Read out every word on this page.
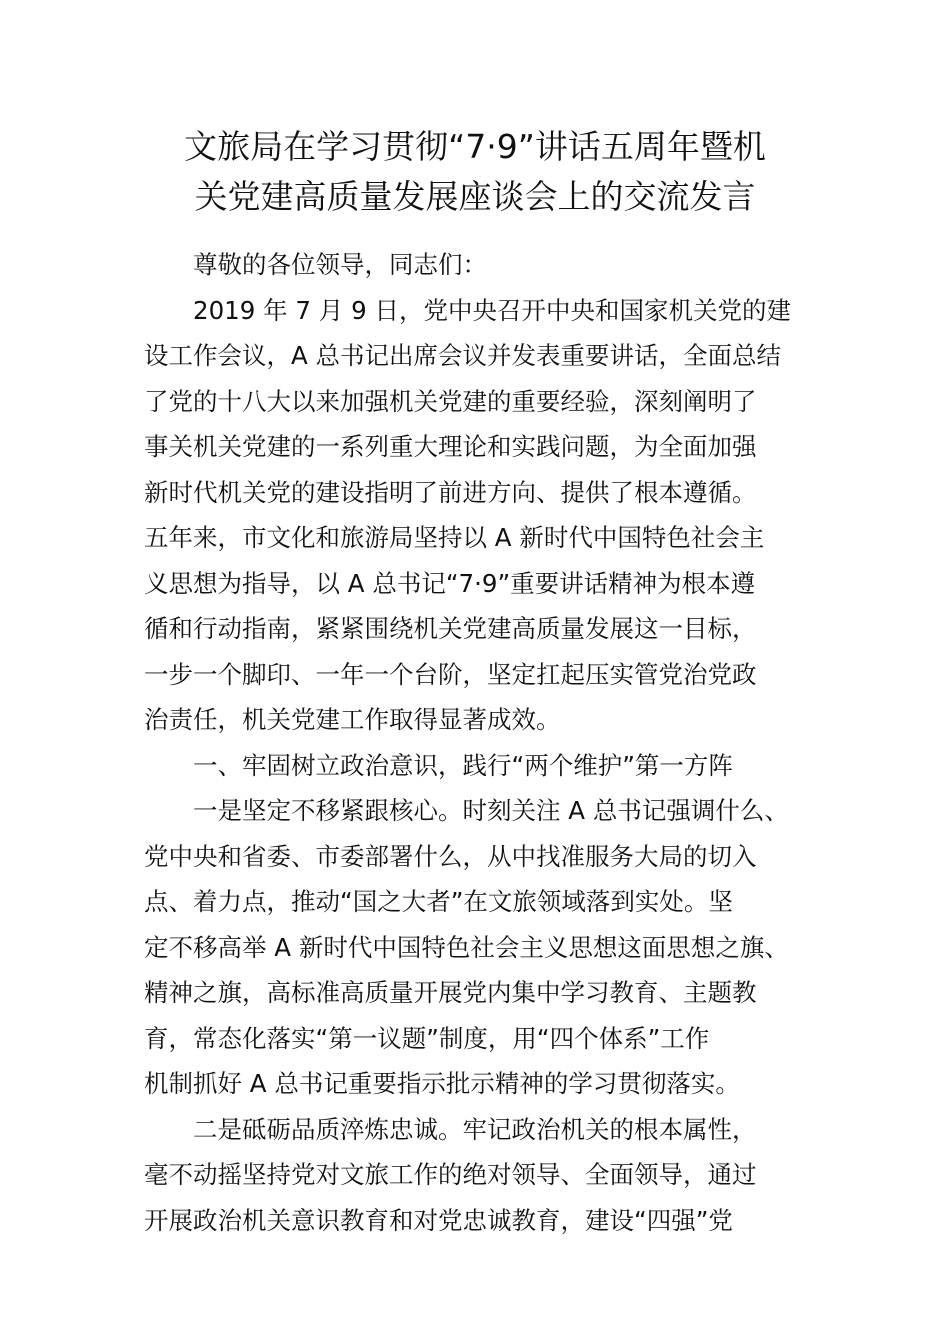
文旅局在学习贯彻“7·9”讲话五周年暨机
关党建高质量发展座谈会上的交流发言
尊敬的各位领导，同志们：
2019 年 7 月 9 日，党中央召开中央和国家机关党的建
设工作会议，A 总书记出席会议并发表重要讲话，全面总结
了党的十八大以来加强机关党建的重要经验，深刻阐明了
事关机关党建的一系列重大理论和实践问题，为全面加强
新时代机关党的建设指明了前进方向、提供了根本遵循。
五年来，市文化和旅游局坚持以 A 新时代中国特色社会主
义思想为指导，以 A 总书记“7·9”重要讲话精神为根本遵
循和行动指南，紧紧围绕机关党建高质量发展这一目标，
一步一个脚印、一年一个台阶，坚定扛起压实管党治党政
治责任，机关党建工作取得显著成效。
一、牢固树立政治意识，践行“两个维护”第一方阵
一是坚定不移紧跟核心。时刻关注 A 总书记强调什么、
党中央和省委、市委部署什么，从中找准服务大局的切入
点、着力点，推动“国之大者”在文旅领域落到实处。坚
定不移高举 A 新时代中国特色社会主义思想这面思想之旗、
精神之旗，高标准高质量开展党内集中学习教育、主题教
育，常态化落实“第一议题”制度，用“四个体系”工作
机制抓好 A 总书记重要指示批示精神的学习贯彻落实。
二是砥砺品质淬炼忠诚。牢记政治机关的根本属性，
毫不动摇坚持党对文旅工作的绝对领导、全面领导，通过
开展政治机关意识教育和对党忠诚教育，建设“四强”党
